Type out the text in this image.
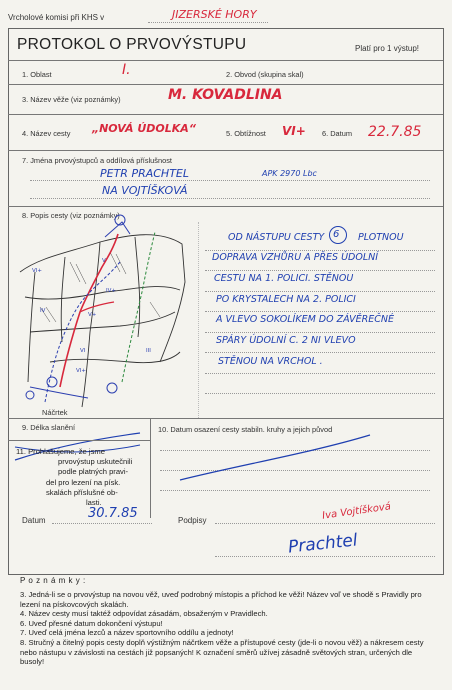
Vrcholové komisi při KHS v	JIZERSKÉ HORY
PROTOKOL O PRVOVÝSTUPU	Platí pro 1 výstup!
1. Oblast	I.	2. Obvod (skupina skal)
3. Název věže (viz poznámky)	M. KOVADLINA
4. Název cesty „NOVÁ ÚDOLKA“	5. Obtížnost VI+ 6. Datum 22.7.85
7. Jména prvovýstupců a oddílová příslušnost
PETR PRACHTEL	APK 2970 Lbc
NA VOJTÍŠKOVÁ
8. Popis cesty (viz poznámky)
VI+
V
IV+
IV
V+
III
VI
VI+
Náčrtek
OD NÁSTUPU CESTY 6 PLOTNOU
DOPRAVA VZHŮRU A PŘES ÚDOLNÍ
CESTU NA 1. POLICI. STĚNOU
PO KRYSTALECH NA 2. POLICI
A VLEVO SOKOLÍKEM DO ZÁVĚREČNÉ
SPÁRY ÚDOLNÍ C. 2 NI VLEVO
STĚNOU NA VRCHOL .
9. Délka slanění	10. Datum osazení cesty stabiln. kruhy a jejich původ
11. Prohlašujeme, že jsme
prvovýstup uskutečnili
podle platných pravi-
del pro lezení na písk.
skalách příslušné ob-
lasti.
Datum	30.7.85	Podpisy	Iva Vojtíšková
Prachtel
P o z n á m k y :
3. Jedná-li se o prvovýstup na novou věž, uveď podrobný místopis a příchod ke věži! Název voľ ve shodě s Pravidly pro lezení na pískovcových skalách.
4. Název cesty musí taktéž odpovídat zásadám, obsaženým v Pravidlech.
6. Uveď přesné datum dokončení výstupu!
7. Uveď celá jména lezců a název sportovního oddílu a jednoty!
8. Stručný a čitelný popis cesty doplň výstižným náčrtkem věže a přístupové cesty (jde-li o novou věž) a nákresem cesty nebo nástupu v závislosti na cestách již popsaných! K označení směrů užívej zásadně světových stran, určených dle busoly!
